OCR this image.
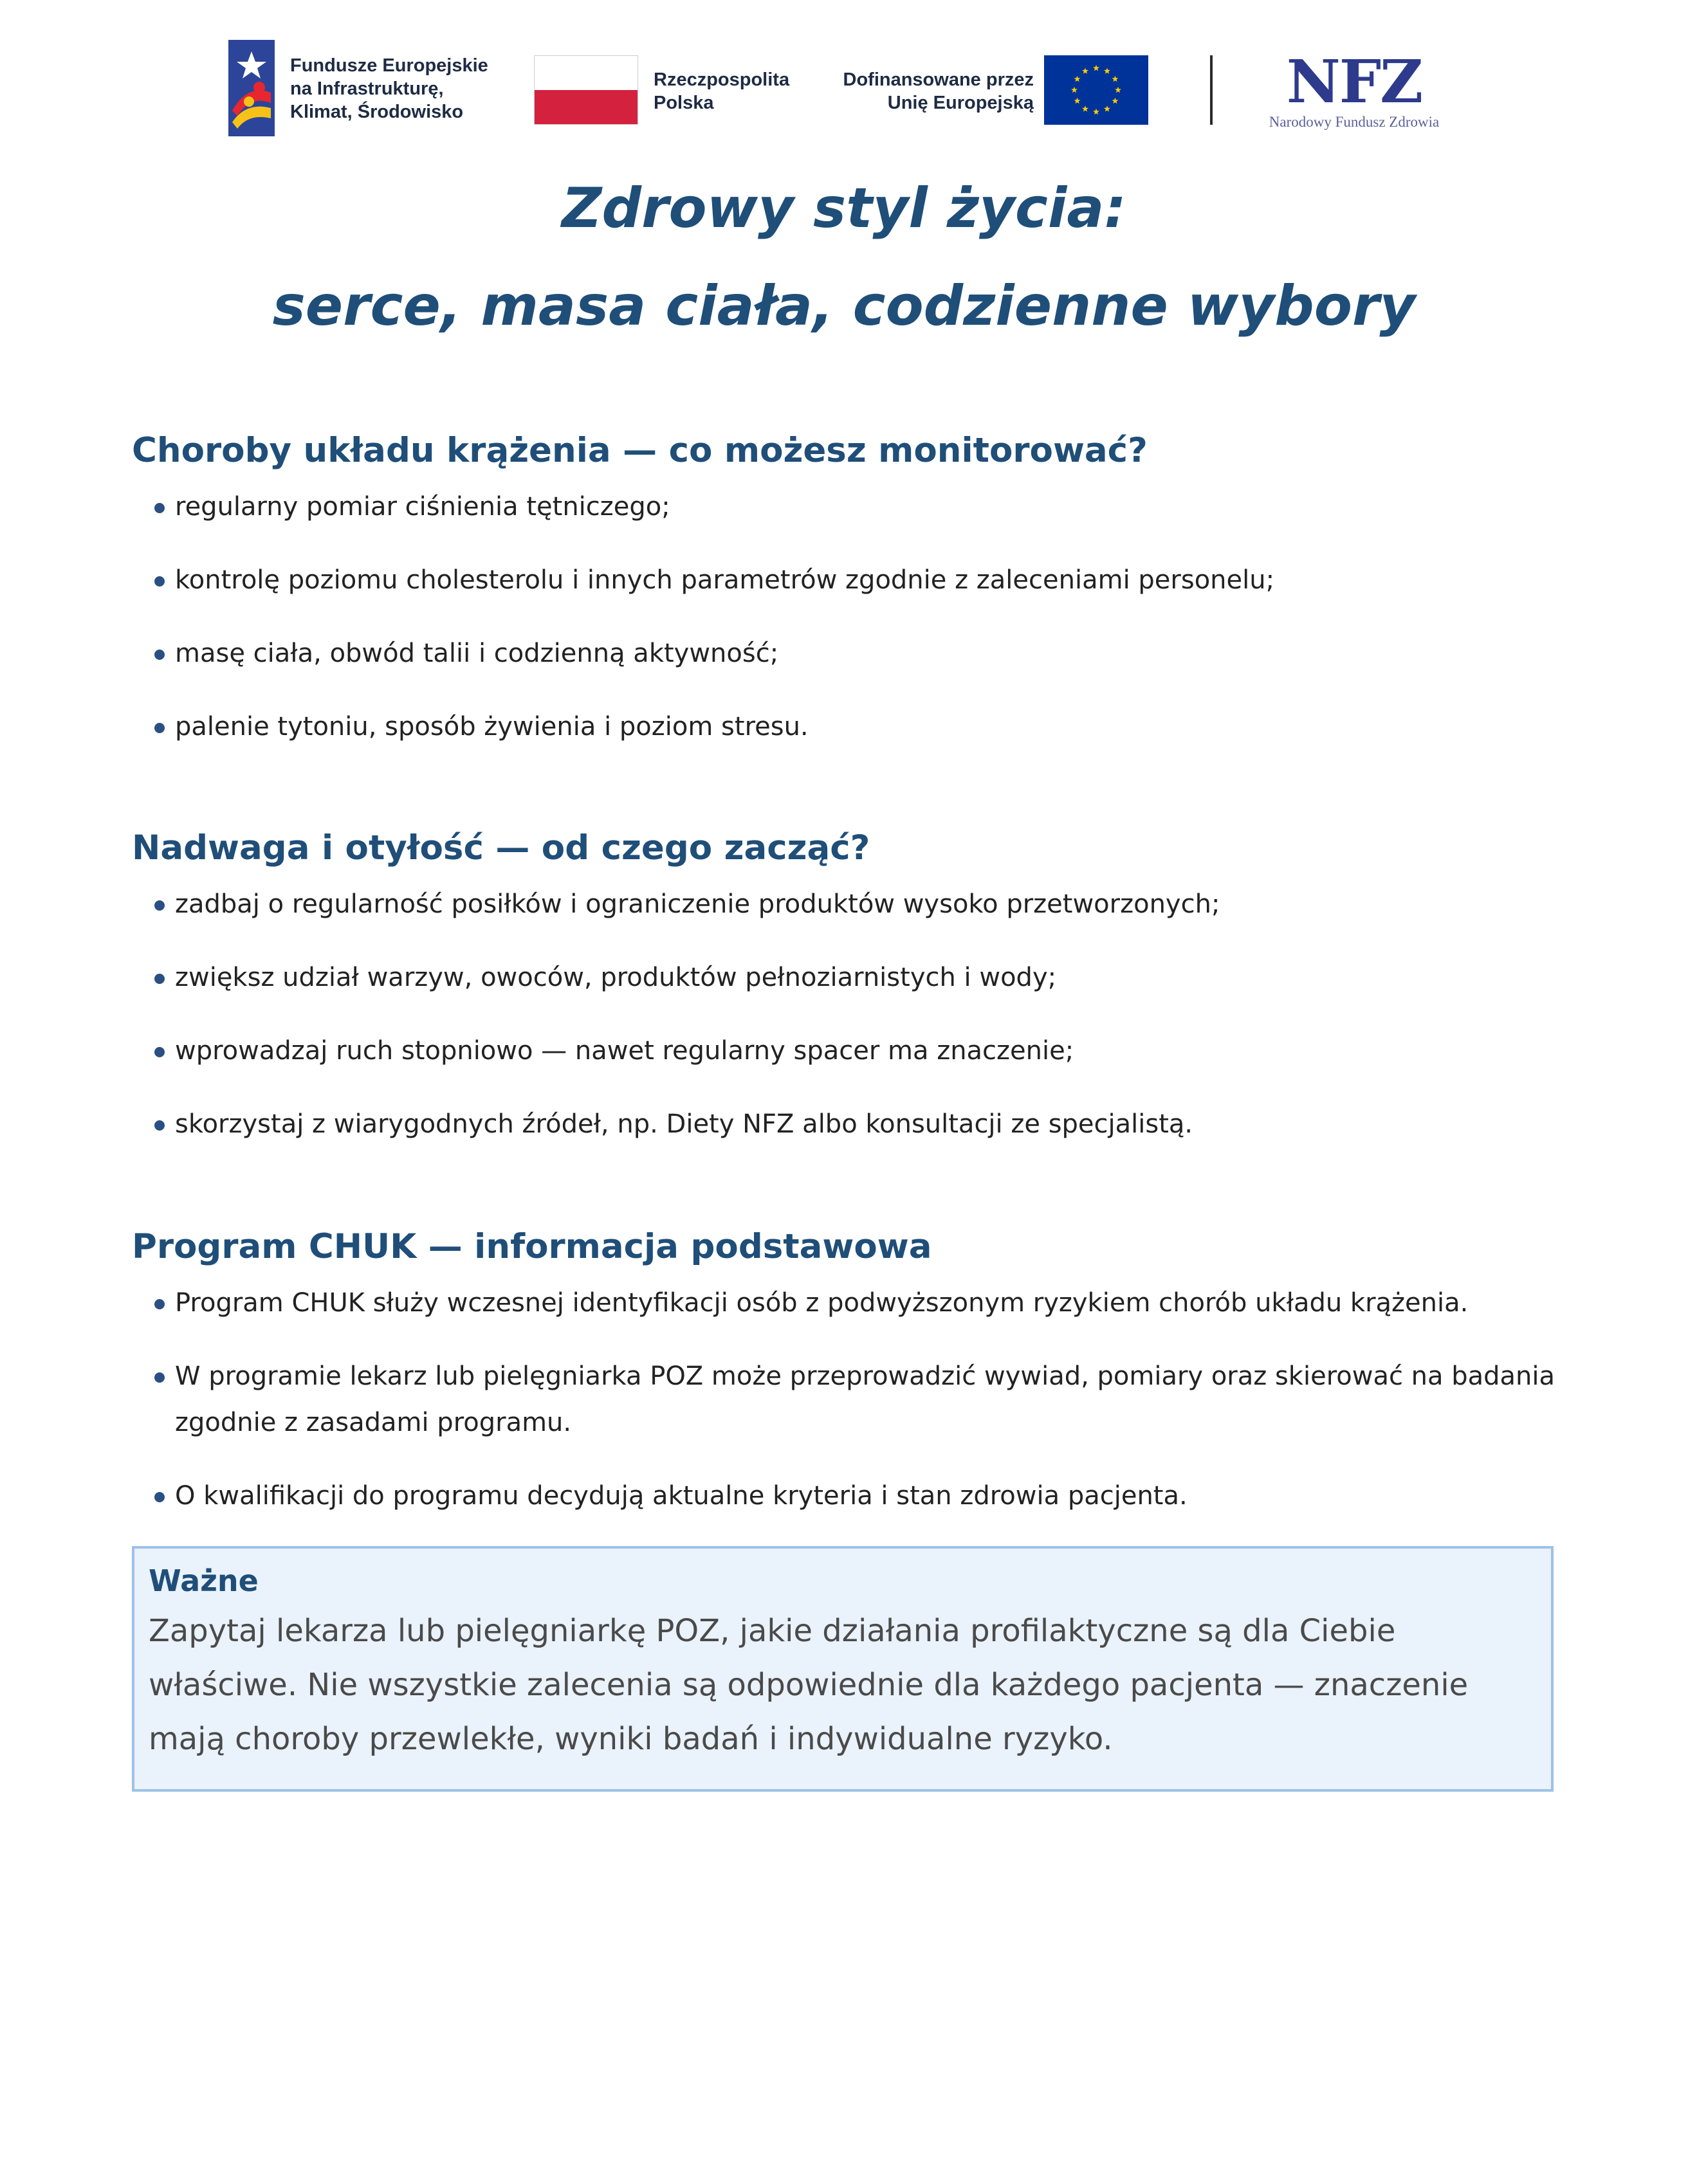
Fundusze Europejskie
na Infrastrukturę,
Klimat, Środowisko
Rzeczpospolita
Polska
Dofinansowane przez
Unię Europejską	NFZ
Narodowy Fundusz Zdrowia
Zdrowy styl życia:
serce, masa ciała, codzienne wybory
Choroby układu krążenia — co możesz monitorować?
regularny pomiar ciśnienia tętniczego;
kontrolę poziomu cholesterolu i innych parametrów zgodnie z zaleceniami personelu;
masę ciała, obwód talii i codzienną aktywność;
palenie tytoniu, sposób żywienia i poziom stresu.
Nadwaga i otyłość — od czego zacząć?
zadbaj o regularność posiłków i ograniczenie produktów wysoko przetworzonych;
zwiększ udział warzyw, owoców, produktów pełnoziarnistych i wody;
wprowadzaj ruch stopniowo — nawet regularny spacer ma znaczenie;
skorzystaj z wiarygodnych źródeł, np. Diety NFZ albo konsultacji ze specjalistą.
Program CHUK — informacja podstawowa
Program CHUK służy wczesnej identyfikacji osób z podwyższonym ryzykiem chorób układu krążenia.
W programie lekarz lub pielęgniarka POZ może przeprowadzić wywiad, pomiary oraz skierować na badania zgodnie z zasadami programu.
O kwalifikacji do programu decydują aktualne kryteria i stan zdrowia pacjenta.
Ważne
Zapytaj lekarza lub pielęgniarkę POZ, jakie działania profilaktyczne są dla Ciebie właściwe. Nie wszystkie zalecenia są odpowiednie dla każdego pacjenta — znaczenie mają choroby przewlekłe, wyniki badań i indywidualne ryzyko.
